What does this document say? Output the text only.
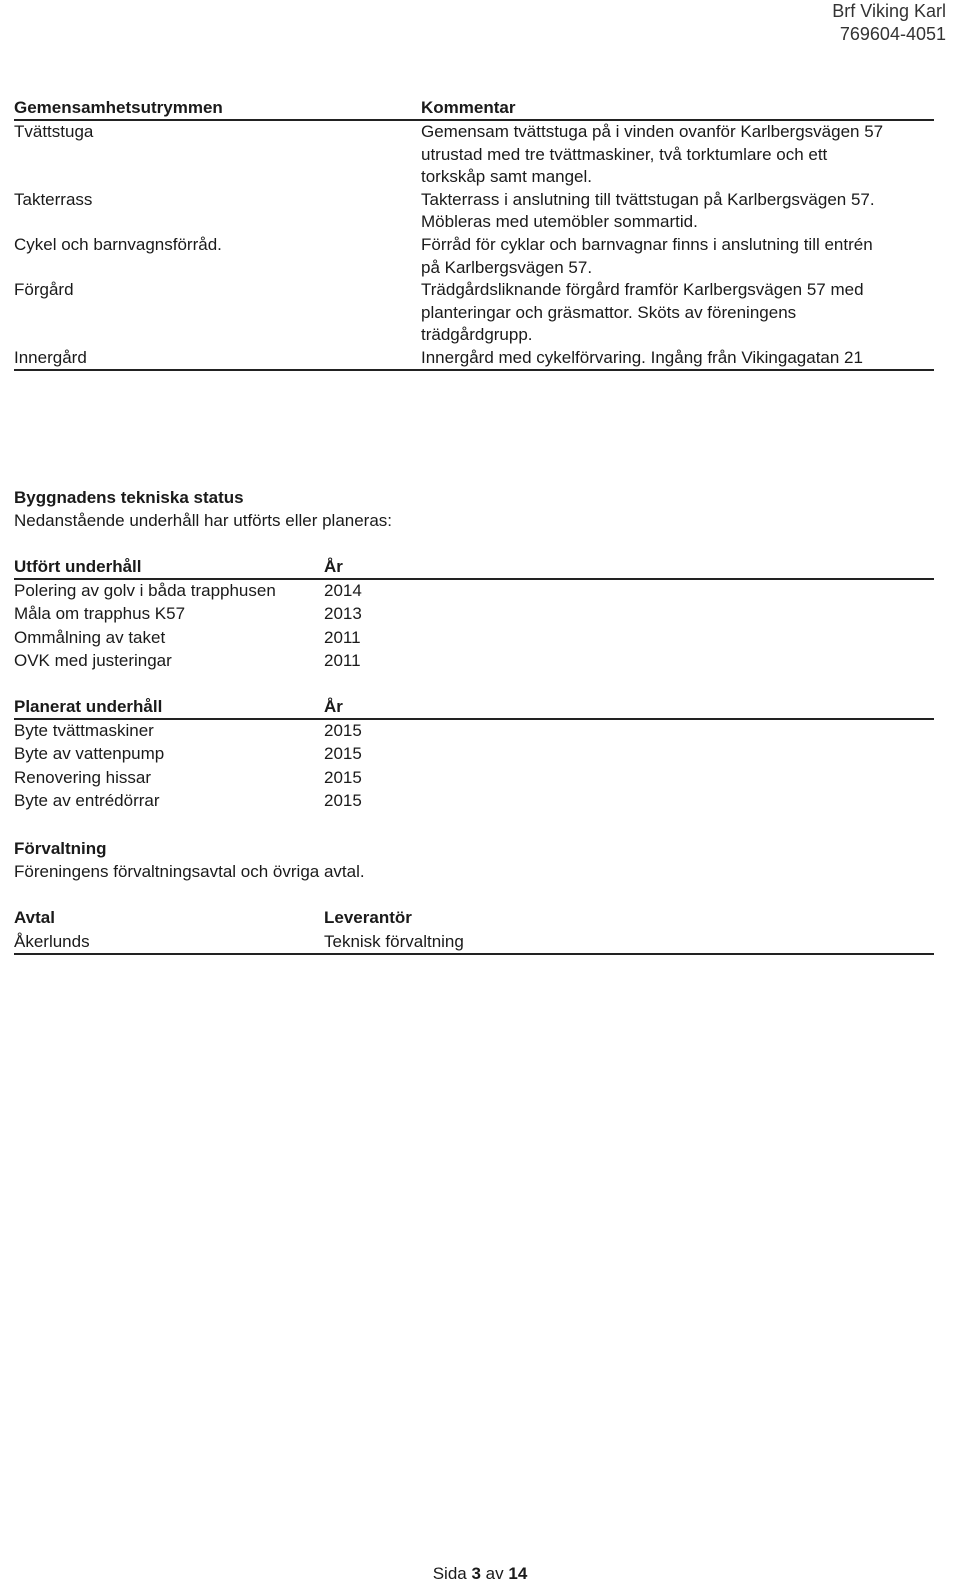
Brf Viking Karl
769604-4051
Gemensamhetsutrymmen	Kommentar
Tvättstuga	Gemensam tvättstuga på i vinden ovanför Karlbergsvägen 57
utrustad med tre tvättmaskiner, två torktumlare och ett
torkskåp samt mangel.
Takterrass	Takterrass i anslutning till tvättstugan på Karlbergsvägen 57.
Möbleras med utemöbler sommartid.
Cykel och barnvagnsförråd.	Förråd för cyklar och barnvagnar finns i anslutning till entrén
på Karlbergsvägen 57.
Förgård	Trädgårdsliknande förgård framför Karlbergsvägen 57 med
planteringar och gräsmattor. Sköts av föreningens
trädgårdgrupp.
Innergård	Innergård med cykelförvaring. Ingång från Vikingagatan 21
Byggnadens tekniska status
Nedanstående underhåll har utförts eller planeras:
Utfört underhåll	År
Polering av golv i båda trapphusen	2014
Måla om trapphus K57	2013
Ommålning av taket	2011
OVK med justeringar	2011
Planerat underhåll	År
Byte tvättmaskiner	2015
Byte av vattenpump	2015
Renovering hissar	2015
Byte av entrédörrar	2015
Förvaltning
Föreningens förvaltningsavtal och övriga avtal.
Avtal	Leverantör
Åkerlunds	Teknisk förvaltning
Sida 3 av 14
